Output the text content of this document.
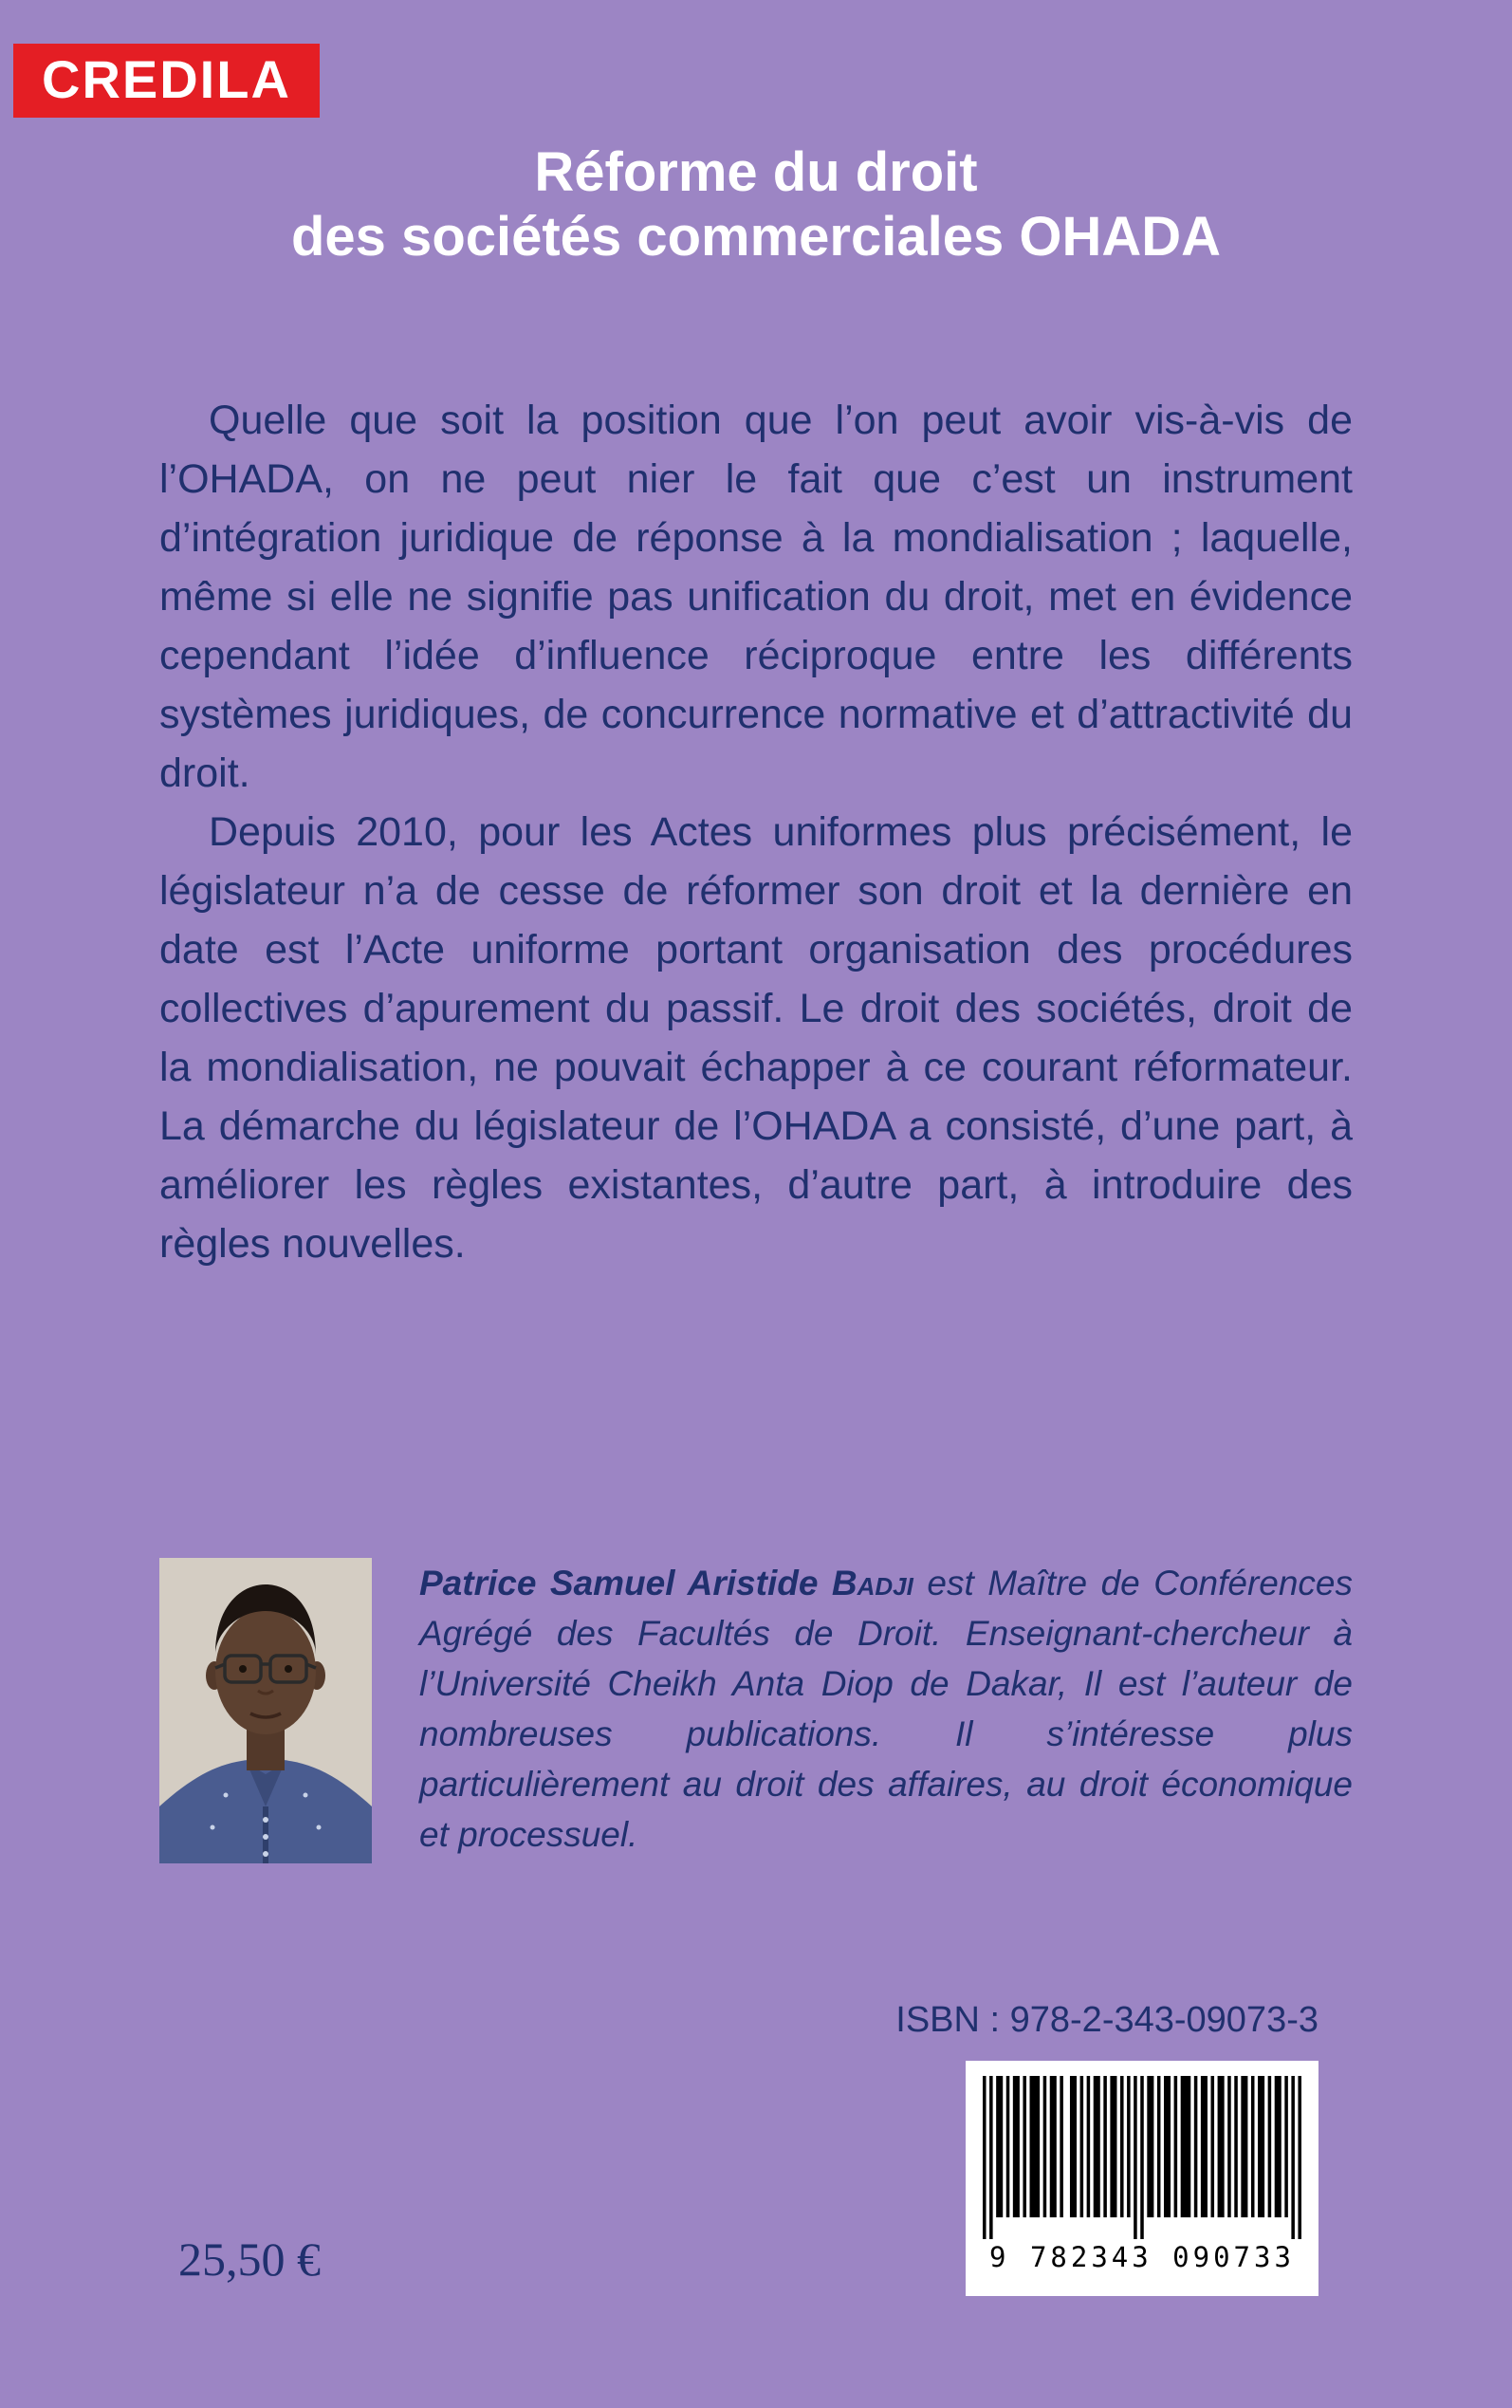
CREDILA
Réforme du droit
des sociétés commerciales OHADA

Quelle que soit la position que l’on peut avoir vis-à-vis de l’OHADA, on ne peut nier le fait que c’est un instrument d’intégration juridique de réponse à la mondialisation ; laquelle, même si elle ne signifie pas unification du droit, met en évidence cependant l’idée d’influence réciproque entre les différents systèmes juridiques, de concurrence normative et d’attractivité du droit.

Depuis 2010, pour les Actes uniformes plus précisément, le législateur n’a de cesse de réformer son droit et la dernière en date est l’Acte uniforme portant organisation des procédures collectives d’apurement du passif. Le droit des sociétés, droit de la mondialisation, ne pouvait échapper à ce courant réformateur. La démarche du législateur de l’OHADA a consisté, d’une part, à améliorer les règles existantes, d’autre part, à introduire des règles nouvelles.

Patrice Samuel Aristide Badji est Maître de Conférences Agrégé des Facultés de Droit. Enseignant-chercheur à l’Université Cheikh Anta Diop de Dakar, Il est l’auteur de nombreuses publications. Il s’intéresse plus particulièrement au droit des affaires, au droit économique et processuel.

ISBN : 978-2-343-09073-3
9 782343 090733
25,50 €
